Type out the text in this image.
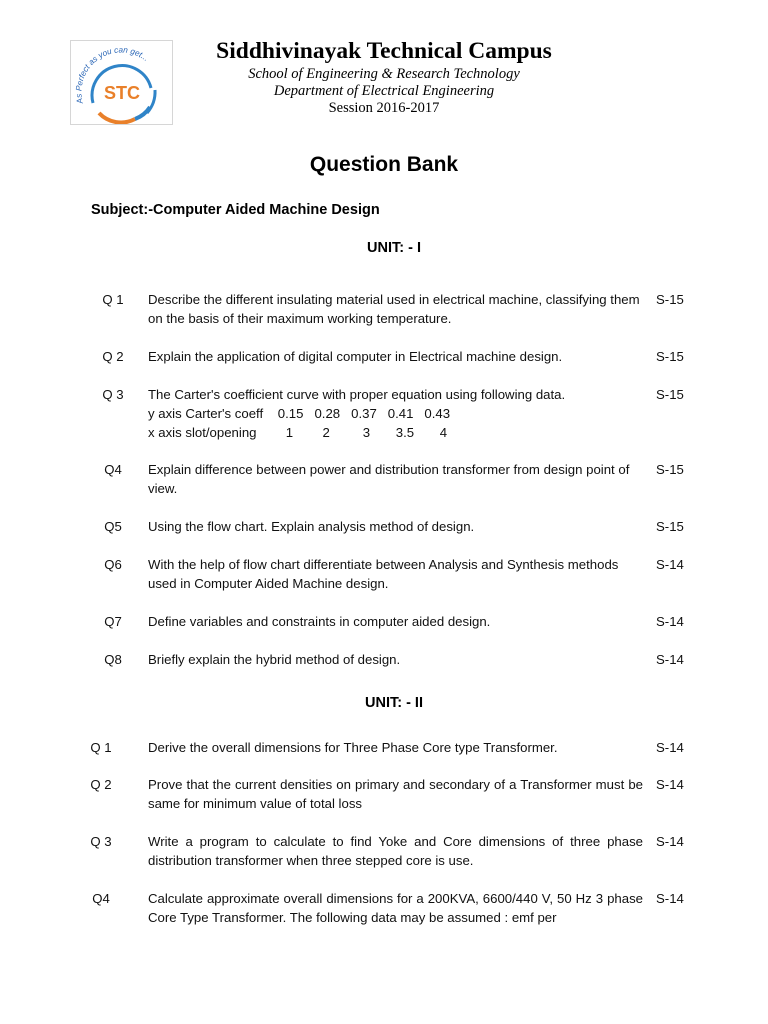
As Perfect as you can get...
STC
Siddhivinayak Technical Campus
School of Engineering & Research Technology
Department of Electrical Engineering
Session 2016-2017
Question Bank
Subject:-Computer Aided Machine Design
UNIT: - I
Q 1	Describe the different insulating material used in electrical machine, classifying them on the basis of their maximum working temperature.
S-15
Q 2	Explain the application of digital computer in Electrical machine design.	S-15
Q 3	The Carter's coefficient curve with proper equation using following data.
y axis Carter's coeff    0.15   0.28   0.37   0.41   0.43
x axis slot/opening        1        2         3       3.5       4
S-15
Q4	Explain difference between power and distribution transformer from design point of view.
S-15
Q5	Using the flow chart. Explain analysis method of design.	S-15
Q6	With the help of flow chart differentiate between Analysis and Synthesis methods used in Computer Aided Machine design.
S-14
Q7	Define variables and constraints in computer aided design.	S-14
Q8	Briefly explain the hybrid method of design.	S-14
UNIT: - II
Q 1	Derive the overall dimensions for Three Phase Core type Transformer.	S-14
Q 2	Prove that the current densities on primary and secondary of a Transformer must be same for minimum value of total loss
S-14
Q 3	Write a program to calculate to find Yoke and Core dimensions of three phase distribution transformer when three stepped core is use.
S-14
Q4	Calculate approximate overall dimensions for a 200KVA, 6600/440 V, 50 Hz 3 phase Core Type Transformer. The following data may be assumed : emf per
S-14
